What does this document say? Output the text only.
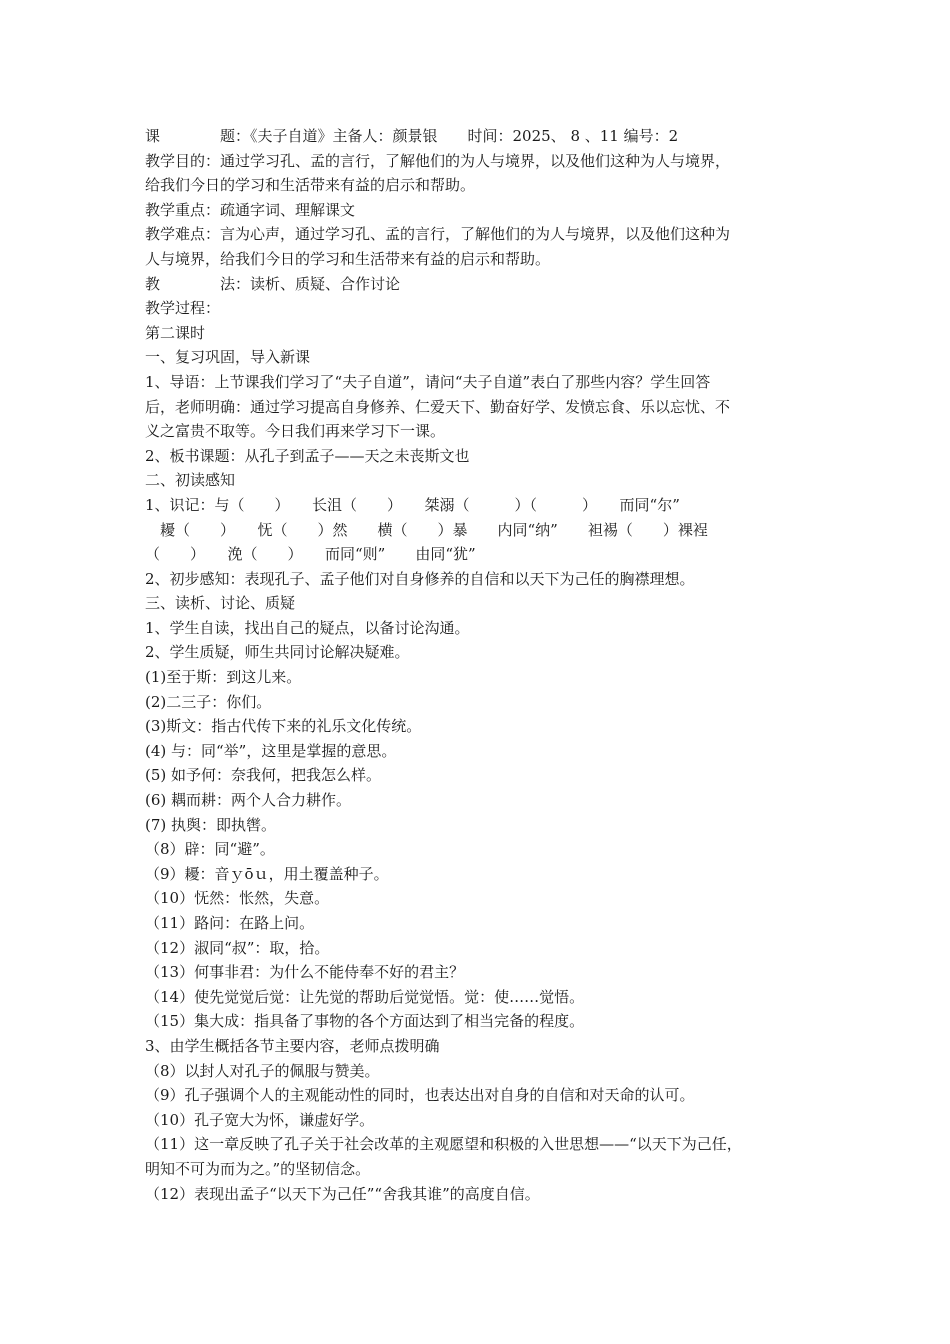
课　　　　题：《夫子自道》主备人：颜景银　　时间：2025、 8 、11 编号：2
教学目的：通过学习孔、孟的言行，了解他们的为人与境界，以及他们这种为人与境界，
给我们今日的学习和生活带来有益的启示和帮助。
教学重点：疏通字词、理解课文
教学难点：言为心声，通过学习孔、孟的言行，了解他们的为人与境界，以及他们这种为
人与境界，给我们今日的学习和生活带来有益的启示和帮助。
教　　　　法：读析、质疑、合作讨论
教学过程：
第二课时
一、复习巩固，导入新课
1、导语：上节课我们学习了“夫子自道”，请问“夫子自道”表白了那些内容？学生回答
后，老师明确：通过学习提高自身修养、仁爱天下、勤奋好学、发愤忘食、乐以忘忧、不
义之富贵不取等。今日我们再来学习下一课。
2、板书课题：从孔子到孟子——天之未丧斯文也
二、初读感知
1、识记：与（　　）　　长沮（　　）　　桀溺（　　　）（　　　）　　而同“尔”
　耰（　　）　　怃（　　）然　　横（　　）暴　　内同“纳”　　袒裼（　　）裸裎
（　　）　　浼（　　）　　而同“则”　　由同“犹”
2、初步感知：表现孔子、孟子他们对自身修养的自信和以天下为己任的胸襟理想。
三、读析、讨论、质疑
1、学生自读，找出自己的疑点，以备讨论沟通。
2、学生质疑，师生共同讨论解决疑难。
(1)至于斯：到这儿来。
(2)二三子：你们。
(3)斯文：指古代传下来的礼乐文化传统。
(4) 与：同“举”，这里是掌握的意思。
(5) 如予何：奈我何，把我怎么样。
(6) 耦而耕：两个人合力耕作。
(7) 执舆：即执辔。
（8）辟：同“避”。
（9）耰：音ｙōｕ，用土覆盖种子。
（10）怃然：怅然，失意。
（11）路问：在路上问。
（12）淑同“叔”：取，拾。
（13）何事非君：为什么不能侍奉不好的君主？
（14）使先觉觉后觉：让先觉的帮助后觉觉悟。觉：使……觉悟。
（15）集大成：指具备了事物的各个方面达到了相当完备的程度。
3、由学生概括各节主要内容，老师点拨明确
（8）以封人对孔子的佩服与赞美。
（9）孔子强调个人的主观能动性的同时，也表达出对自身的自信和对天命的认可。
（10）孔子宽大为怀，谦虚好学。
（11）这一章反映了孔子关于社会改革的主观愿望和积极的入世思想——“以天下为己任，
明知不可为而为之。”的坚韧信念。
（12）表现出孟子“以天下为己任”“舍我其谁”的高度自信。
